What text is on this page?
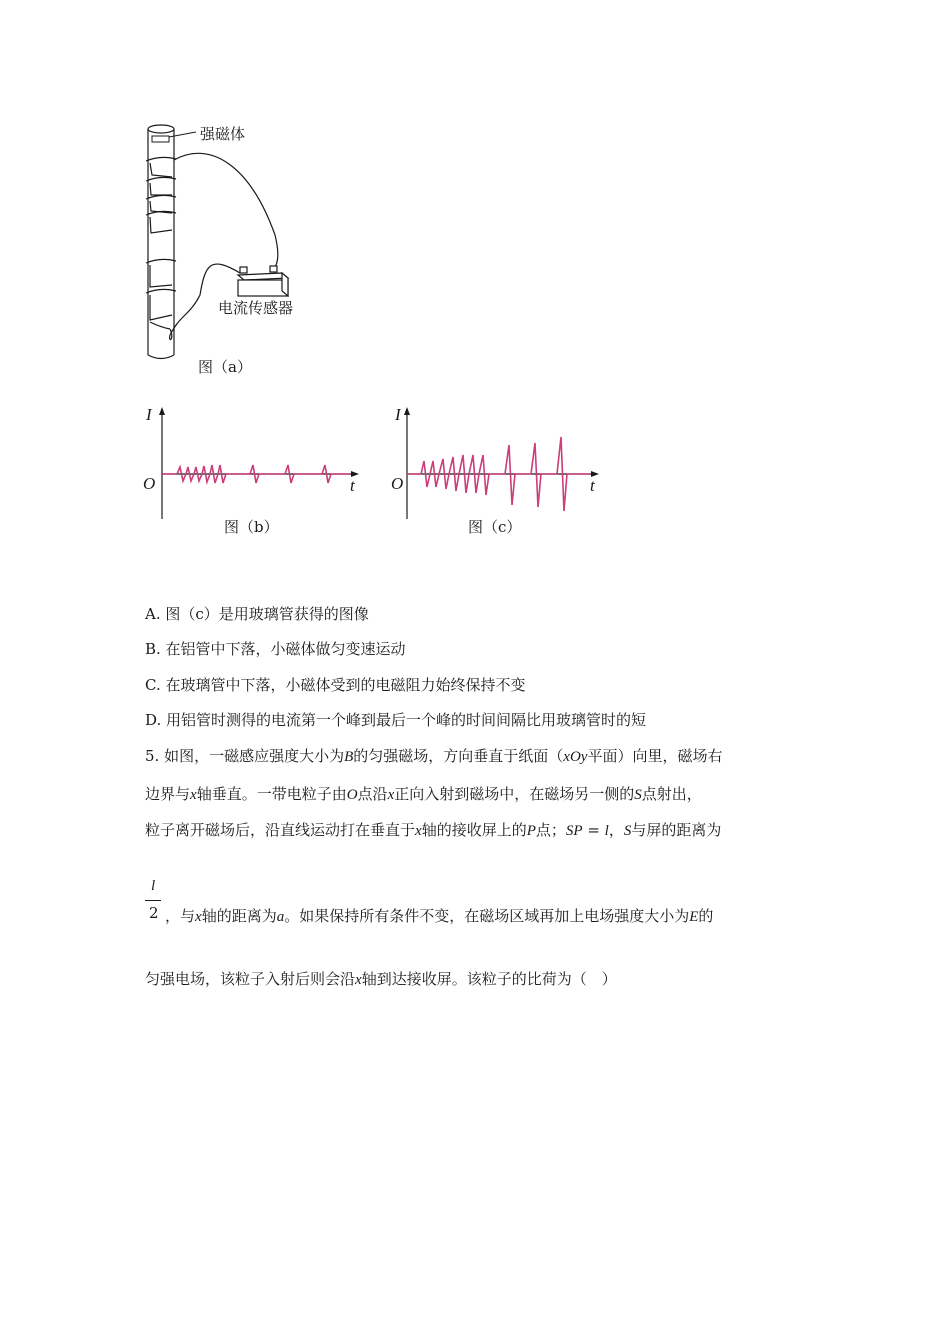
强磁体
电流传感器
图（a）
I
O	t
图（b）
I
O	t
图（c）
A. 图（c）是用玻璃管获得的图像
B. 在铝管中下落，小磁体做匀变速运动
C. 在玻璃管中下落，小磁体受到的电磁阻力始终保持不变
D. 用铝管时测得的电流第一个峰到最后一个峰的时间间隔比用玻璃管时的短
5. 如图，一磁感应强度大小为B的匀强磁场，方向垂直于纸面（xOy平面）向里，磁场右
边界与x轴垂直。一带电粒子由O点沿x正向入射到磁场中，在磁场另一侧的S点射出，
粒子离开磁场后，沿直线运动打在垂直于x轴的接收屏上的P点；SP = l，S与屏的距离为
l
2 ，与x轴的距离为a。如果保持所有条件不变，在磁场区域再加上电场强度大小为E的
匀强电场，该粒子入射后则会沿x轴到达接收屏。该粒子的比荷为（　）
